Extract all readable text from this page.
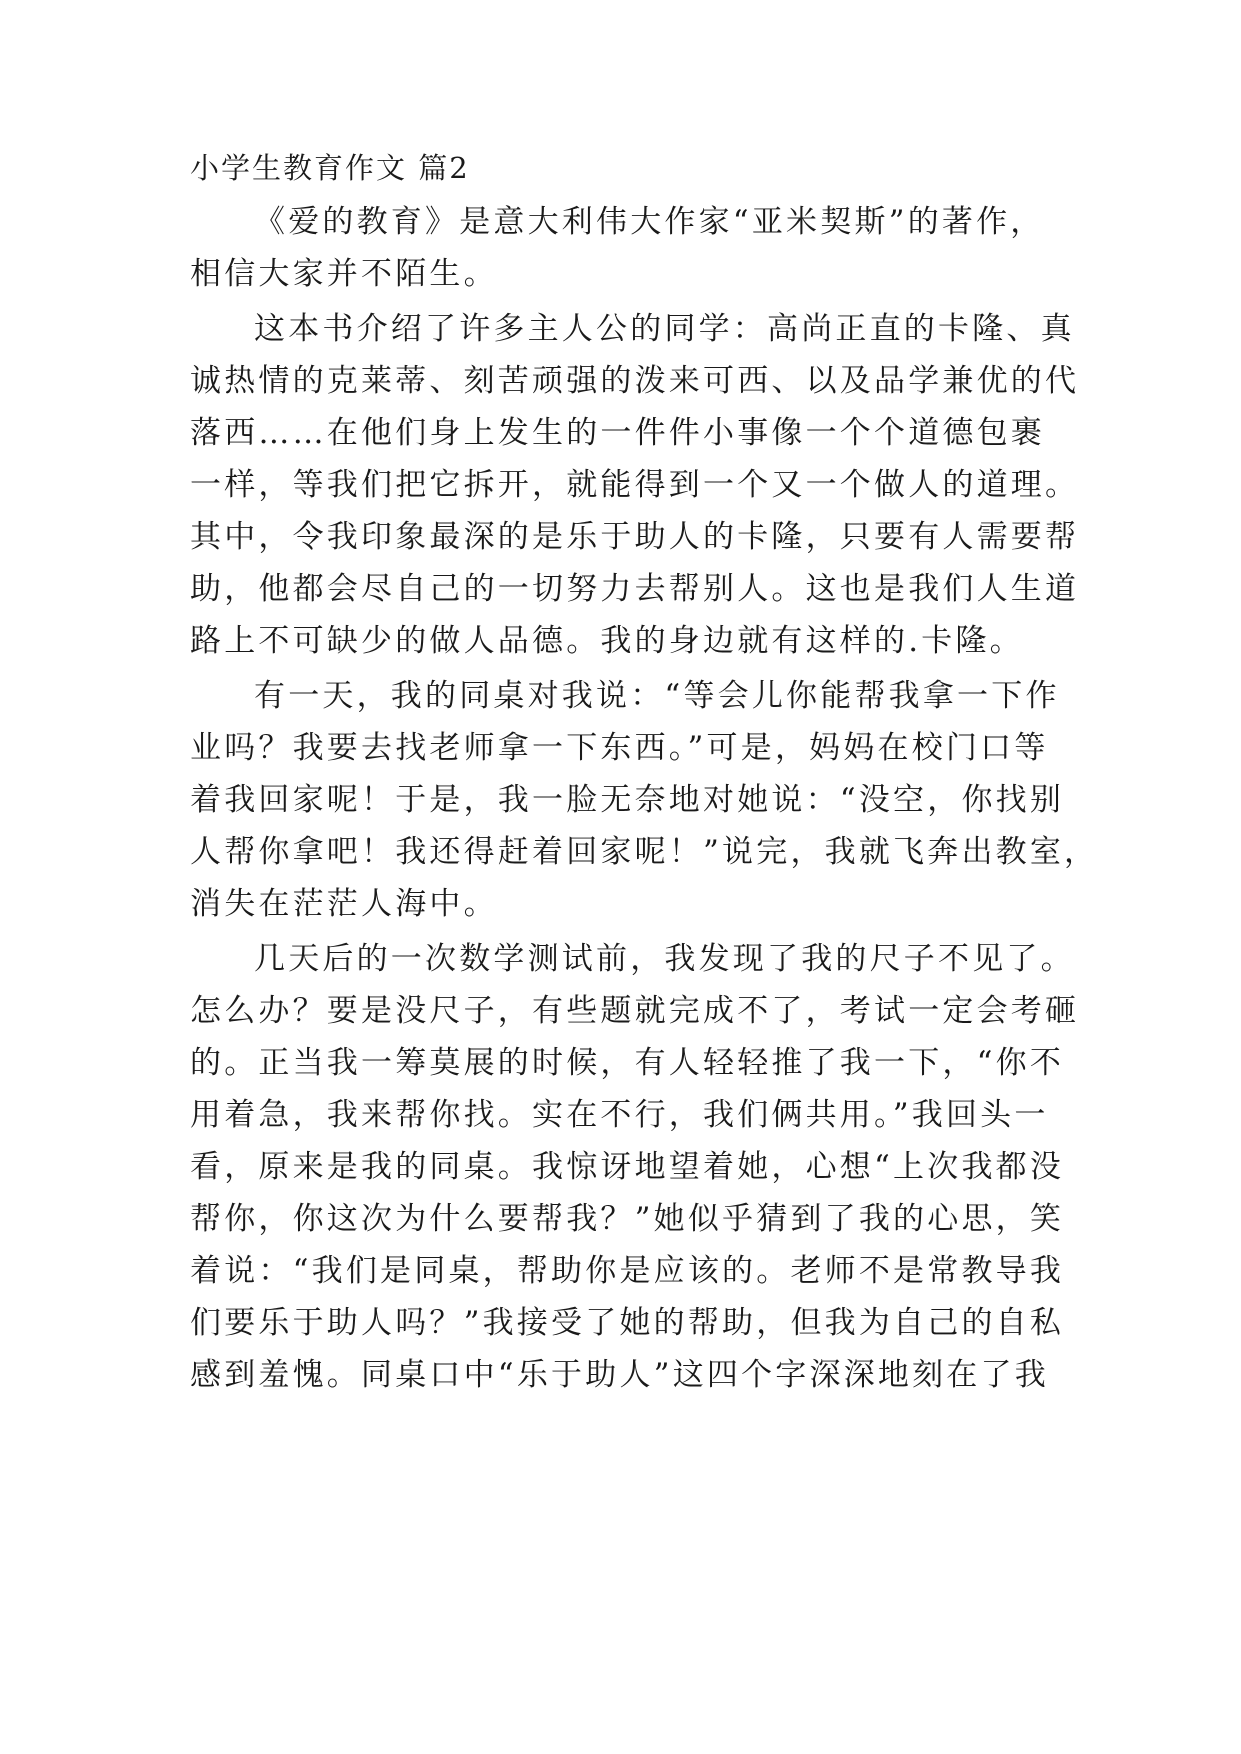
小学生教育作文 篇2
《爱的教育》是意大利伟大作家“亚米契斯”的著作，
相信大家并不陌生。
这本书介绍了许多主人公的同学：高尚正直的卡隆、真
诚热情的克莱蒂、刻苦顽强的泼来可西、以及品学兼优的代
落西……在他们身上发生的一件件小事像一个个道德包裹
一样，等我们把它拆开，就能得到一个又一个做人的道理。
其中，令我印象最深的是乐于助人的卡隆，只要有人需要帮
助，他都会尽自己的一切努力去帮别人。这也是我们人生道
路上不可缺少的做人品德。我的身边就有这样的.卡隆。
有一天，我的同桌对我说：“等会儿你能帮我拿一下作
业吗？我要去找老师拿一下东西。”可是，妈妈在校门口等
着我回家呢！于是，我一脸无奈地对她说：“没空，你找别
人帮你拿吧！我还得赶着回家呢！”说完，我就飞奔出教室，
消失在茫茫人海中。
几天后的一次数学测试前，我发现了我的尺子不见了。
怎么办？要是没尺子，有些题就完成不了，考试一定会考砸
的。正当我一筹莫展的时候，有人轻轻推了我一下，“你不
用着急，我来帮你找。实在不行，我们俩共用。”我回头一
看，原来是我的同桌。我惊讶地望着她，心想“上次我都没
帮你，你这次为什么要帮我？”她似乎猜到了我的心思，笑
着说：“我们是同桌，帮助你是应该的。老师不是常教导我
们要乐于助人吗？”我接受了她的帮助，但我为自己的自私
感到羞愧。同桌口中“乐于助人”这四个字深深地刻在了我
